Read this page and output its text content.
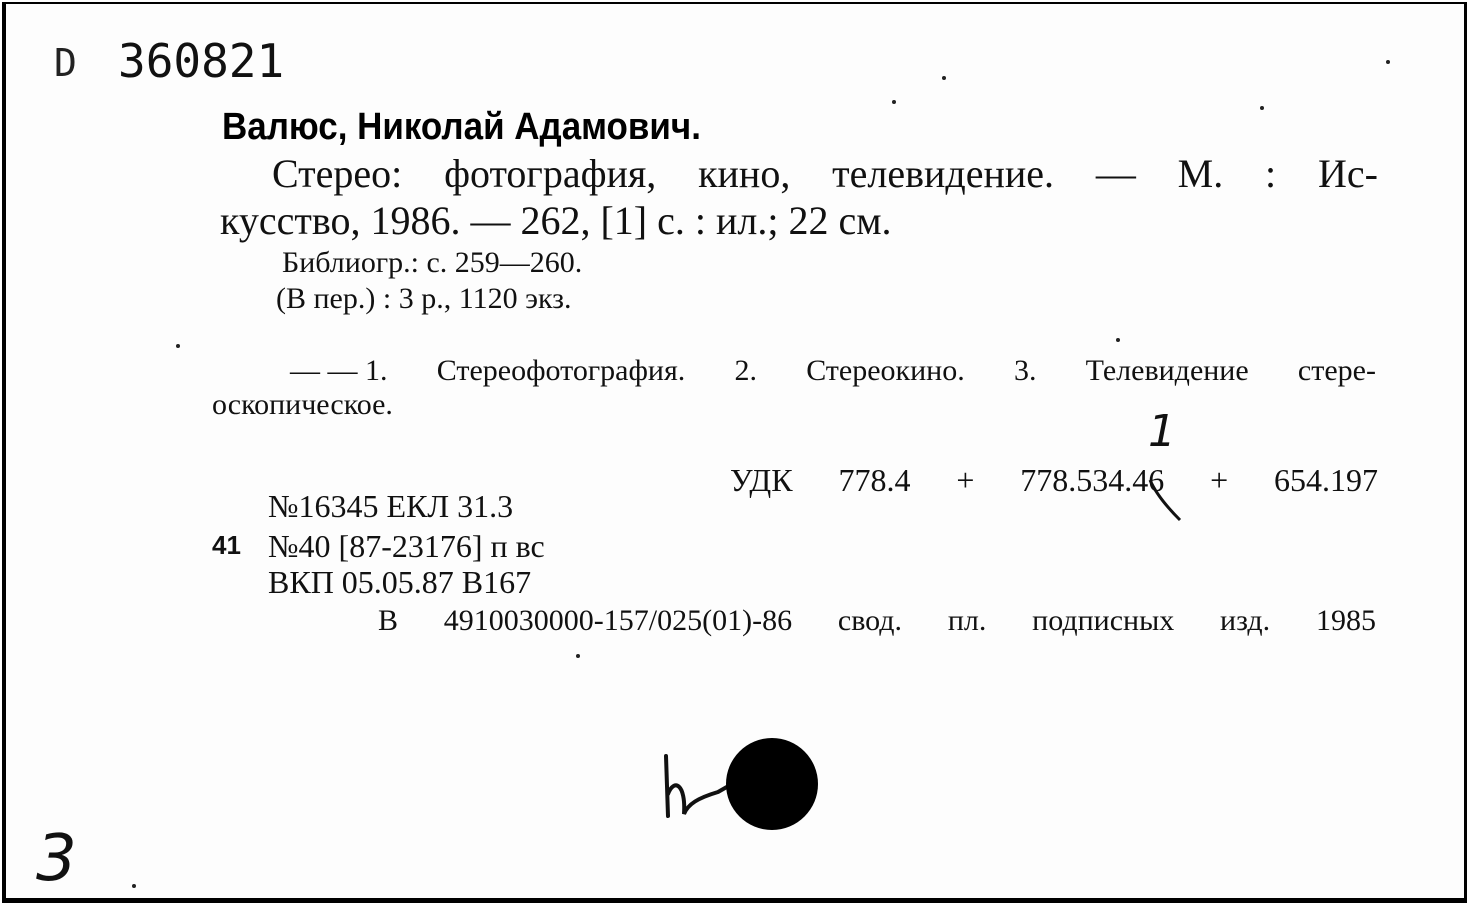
D 360821
Валюс, Николай Адамович.
Стерео: фотография, кино, телевидение. — М. : Ис-
кусство, 1986. — 262, [1] с. : ил.; 22 см.
Библиогр.: с. 259—260.
(В пер.) : 3 р., 1120 экз.
— — 1. Стереофотография. 2. Стереокино. 3. Телевидение стере-
оскопическое.
1
УДК 778.4 + 778.534.46 + 654.197
№16345 ЕКЛ 31.3
41 №40 [87-23176] п вс
ВКП 05.05.87 В167
В 4910030000-157/025(01)-86 свод. пл. подписных изд. 1985
3
